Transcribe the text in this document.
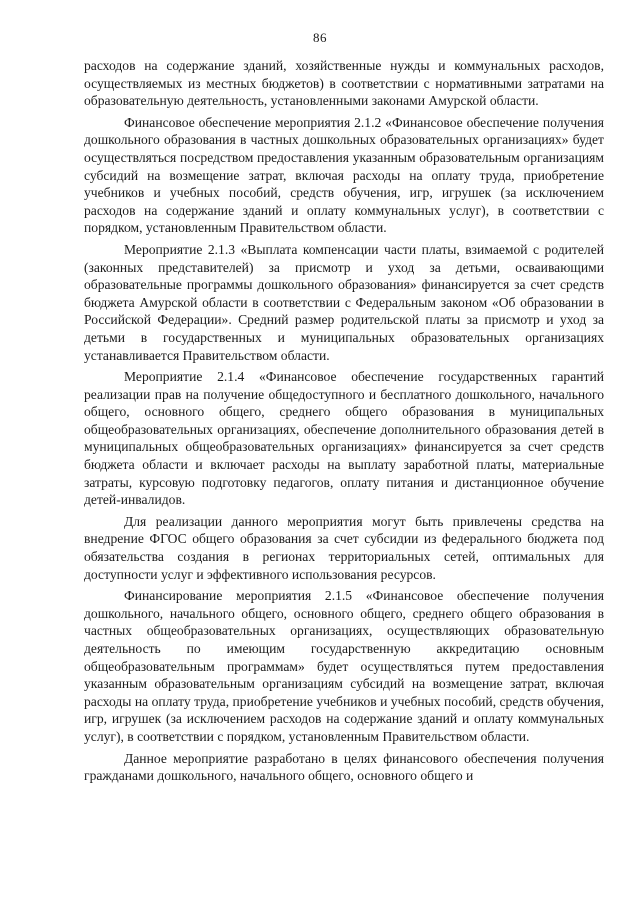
86

расходов на содержание зданий, хозяйственные нужды и коммунальных расходов, осуществляемых из местных бюджетов) в соответствии с нормативными затратами на образовательную деятельность, установленными законами Амурской области.

Финансовое обеспечение мероприятия 2.1.2 «Финансовое обеспечение получения дошкольного образования в частных дошкольных образовательных организациях» будет осуществляться посредством предоставления указанным образовательным организациям субсидий на возмещение затрат, включая расходы на оплату труда, приобретение учебников и учебных пособий, средств обучения, игр, игрушек (за исключением расходов на содержание зданий и оплату коммунальных услуг), в соответствии с порядком, установленным Правительством области.

Мероприятие 2.1.3 «Выплата компенсации части платы, взимаемой с родителей (законных представителей) за присмотр и уход за детьми, осваивающими образовательные программы дошкольного образования» финансируется за счет средств бюджета Амурской области в соответствии с Федеральным законом «Об образовании в Российской Федерации». Средний размер родительской платы за присмотр и уход за детьми в государственных и муниципальных образовательных организациях устанавливается Правительством области.

Мероприятие 2.1.4 «Финансовое обеспечение государственных гарантий реализации прав на получение общедоступного и бесплатного дошкольного, начального общего, основного общего, среднего общего образования в муниципальных общеобразовательных организациях, обеспечение дополнительного образования детей в муниципальных общеобразовательных организациях» финансируется за счет средств бюджета области и включает расходы на выплату заработной платы, материальные затраты, курсовую подготовку педагогов, оплату питания и дистанционное обучение детей-инвалидов.

Для реализации данного мероприятия могут быть привлечены средства на внедрение ФГОС общего образования за счет субсидии из федерального бюджета под обязательства создания в регионах территориальных сетей, оптимальных для доступности услуг и эффективного использования ресурсов.

Финансирование мероприятия 2.1.5 «Финансовое обеспечение получения дошкольного, начального общего, основного общего, среднего общего образования в частных общеобразовательных организациях, осуществляющих образовательную деятельность по имеющим государственную аккредитацию основным общеобразовательным программам» будет осуществляться путем предоставления указанным образовательным организациям субсидий на возмещение затрат, включая расходы на оплату труда, приобретение учебников и учебных пособий, средств обучения, игр, игрушек (за исключением расходов на содержание зданий и оплату коммунальных услуг), в соответствии с порядком, установленным Правительством области.

Данное мероприятие разработано в целях финансового обеспечения получения гражданами дошкольного, начального общего, основного общего и
